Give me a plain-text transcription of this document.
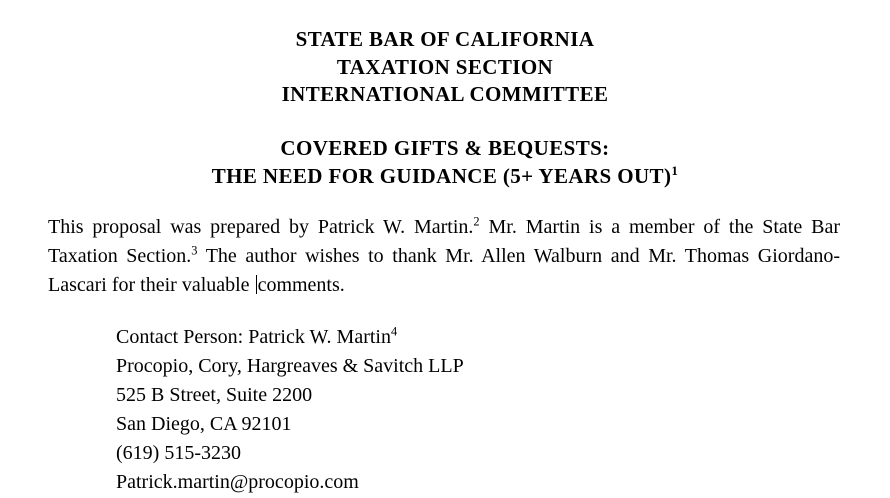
STATE BAR OF CALIFORNIA
TAXATION SECTION
INTERNATIONAL COMMITTEE
COVERED GIFTS & BEQUESTS:
THE NEED FOR GUIDANCE (5+ YEARS OUT)$^1$

This proposal was prepared by Patrick W. Martin.$^2$ Mr. Martin is a member of the State Bar Taxation Section.$^3$ The author wishes to thank Mr. Allen Walburn and Mr. Thomas Giordano-Lascari for their valuable comments.

Contact Person: Patrick W. Martin$^4$
Procopio, Cory, Hargreaves & Savitch LLP
525 B Street, Suite 2200
San Diego, CA 92101
(619) 515-3230
Patrick.martin@procopio.com
